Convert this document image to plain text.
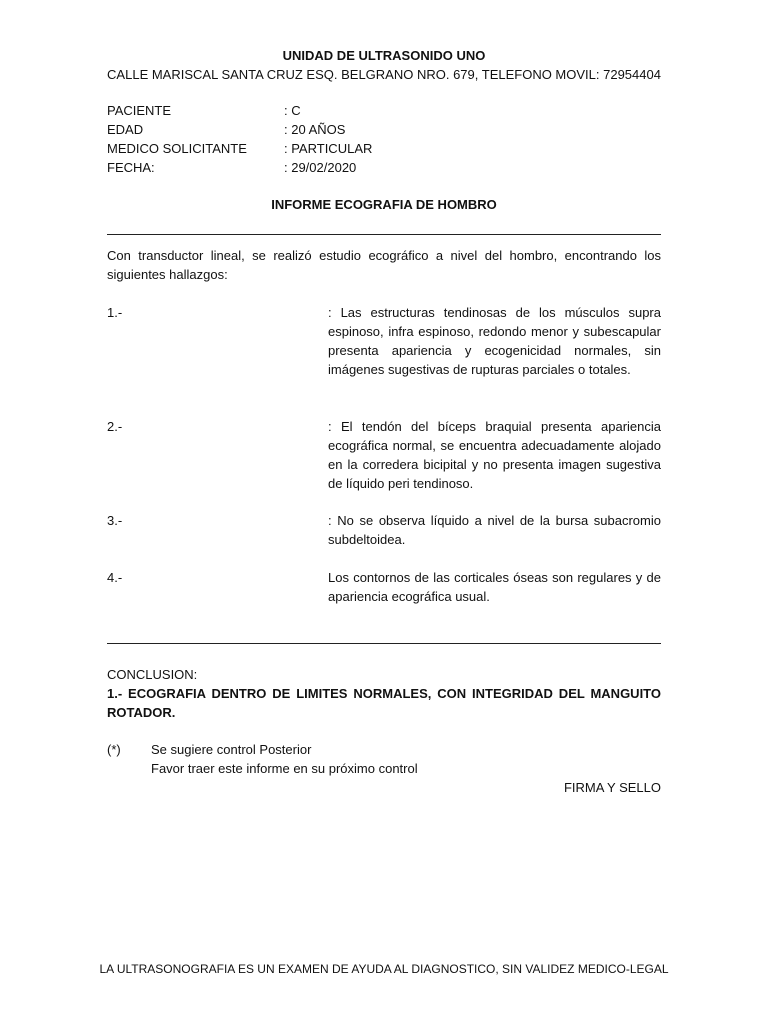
UNIDAD DE ULTRASONIDO UNO
CALLE MARISCAL SANTA CRUZ ESQ. BELGRANO NRO. 679, TELEFONO MOVIL: 72954404
PACIENTE	: C
EDAD	: 20 AÑOS
MEDICO SOLICITANTE	: PARTICULAR
FECHA:	: 29/02/2020
INFORME ECOGRAFIA DE HOMBRO
Con transductor lineal, se realizó estudio ecográfico a nivel del hombro, encontrando los siguientes hallazgos:
1.-	: Las estructuras tendinosas de los músculos supra espinoso, infra espinoso, redondo menor y subescapular presenta apariencia y ecogenicidad normales, sin imágenes sugestivas de rupturas parciales o totales.
2.-	: El tendón del bíceps braquial presenta apariencia ecográfica normal, se encuentra adecuadamente alojado en la corredera bicipital y no presenta imagen sugestiva de líquido peri tendinoso.
3.-	: No se observa líquido a nivel de la bursa subacromio subdeltoidea.
4.-	Los contornos de las corticales óseas son regulares y de apariencia ecográfica usual.
CONCLUSION:
1.- ECOGRAFIA DENTRO DE LIMITES NORMALES, CON INTEGRIDAD DEL MANGUITO ROTADOR.
(*) Se sugiere control Posterior
Favor traer este informe en su próximo control
FIRMA Y SELLO
LA ULTRASONOGRAFIA ES UN EXAMEN DE AYUDA AL DIAGNOSTICO, SIN VALIDEZ MEDICO-LEGAL
